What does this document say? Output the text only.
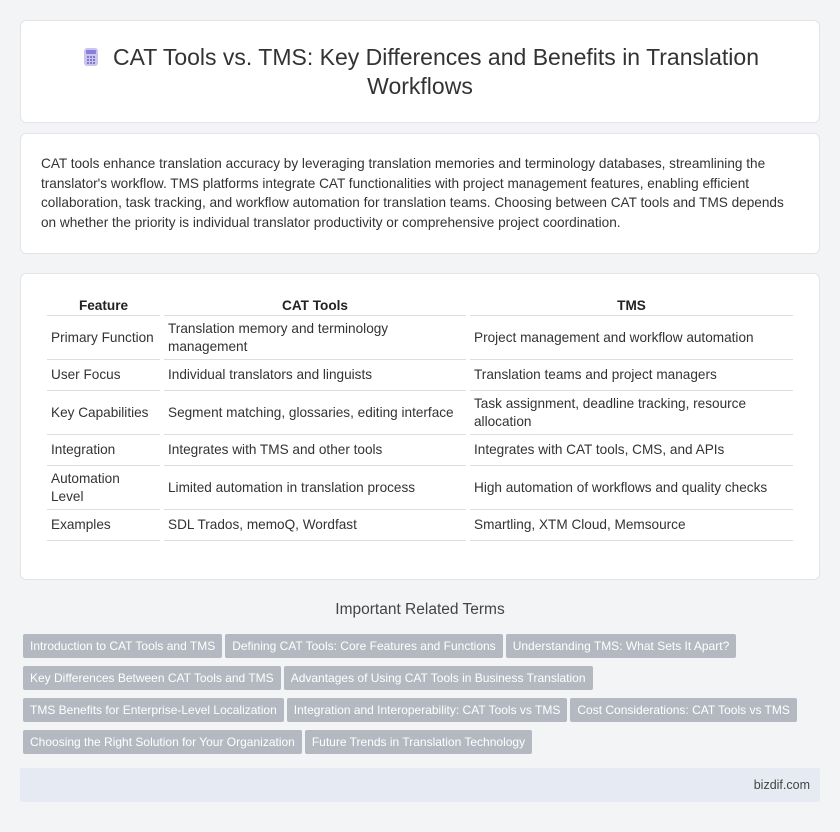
CAT Tools vs. TMS: Key Differences and Benefits in Translation Workflows

CAT tools enhance translation accuracy by leveraging translation memories and terminology databases, streamlining the translator's workflow. TMS platforms integrate CAT functionalities with project management features, enabling efficient collaboration, task tracking, and workflow automation for translation teams. Choosing between CAT tools and TMS depends on whether the priority is individual translator productivity or comprehensive project coordination.

Feature	CAT Tools	TMS
Primary Function	Translation memory and terminology management	Project management and workflow automation
User Focus	Individual translators and linguists	Translation teams and project managers
Key Capabilities	Segment matching, glossaries, editing interface	Task assignment, deadline tracking, resource allocation
Integration	Integrates with TMS and other tools	Integrates with CAT tools, CMS, and APIs
Automation Level	Limited automation in translation process	High automation of workflows and quality checks
Examples	SDL Trados, memoQ, Wordfast	Smartling, XTM Cloud, Memsource
Important Related Terms
Introduction to CAT Tools and TMS Defining CAT Tools: Core Features and Functions Understanding TMS: What Sets It Apart?
Key Differences Between CAT Tools and TMS Advantages of Using CAT Tools in Business Translation
TMS Benefits for Enterprise-Level Localization Integration and Interoperability: CAT Tools vs TMS Cost Considerations: CAT Tools vs TMS
Choosing the Right Solution for Your Organization Future Trends in Translation Technology
bizdif.com
